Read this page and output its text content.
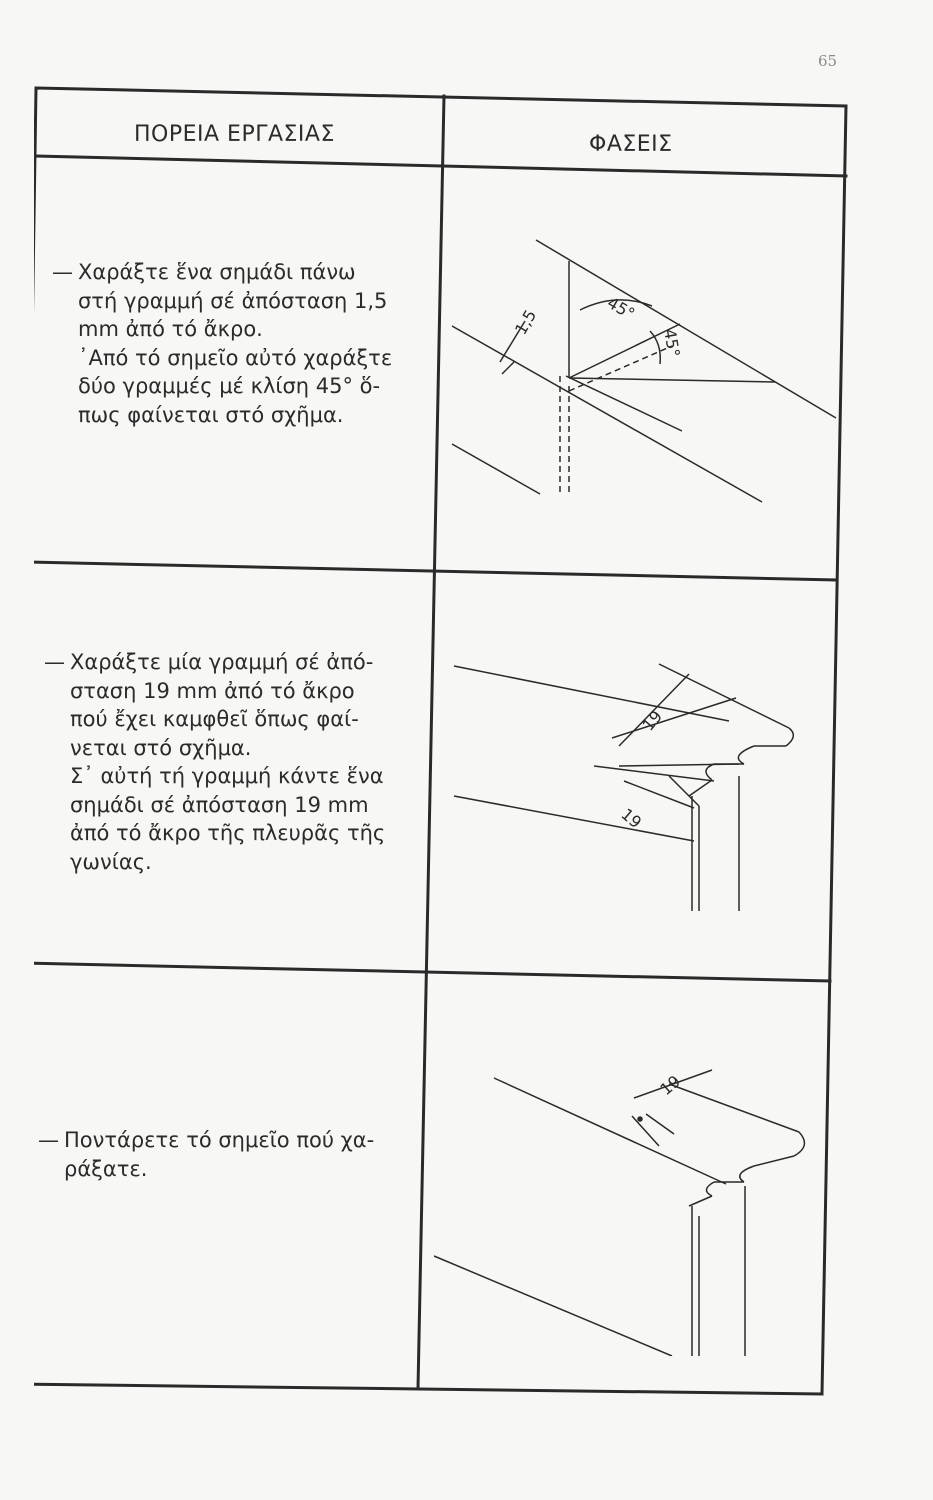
65
ΠΟΡΕΙΑ ΕΡΓΑΣΙΑΣ	ΦΑΣΕΙΣ
— Χαράξτε ἕνα σημάδι πάνω

στή γραμμή σέ ἀπόσταση 1,5

mm ἀπό τό ἄκρο.

᾿Από τό σημεῖο αὐτό χαράξτε

δύο γραμμές μέ κλίση 45° ὅ-

πως φαίνεται στό σχῆμα.

— Χαράξτε μία γραμμή σέ ἀπό-

σταση 19 mm ἀπό τό ἄκρο

πού ἔχει καμφθεῖ ὅπως φαί-

νεται στό σχῆμα.

Σ᾿ αὐτή τή γραμμή κάντε ἕνα

σημάδι σέ ἀπόσταση 19 mm

ἀπό τό ἄκρο τῆς πλευρᾶς τῆς

γωνίας.

— Ποντάρετε τό σημεῖο πού χα-

ράξατε.

1,5	45°
45°
19
19
19
